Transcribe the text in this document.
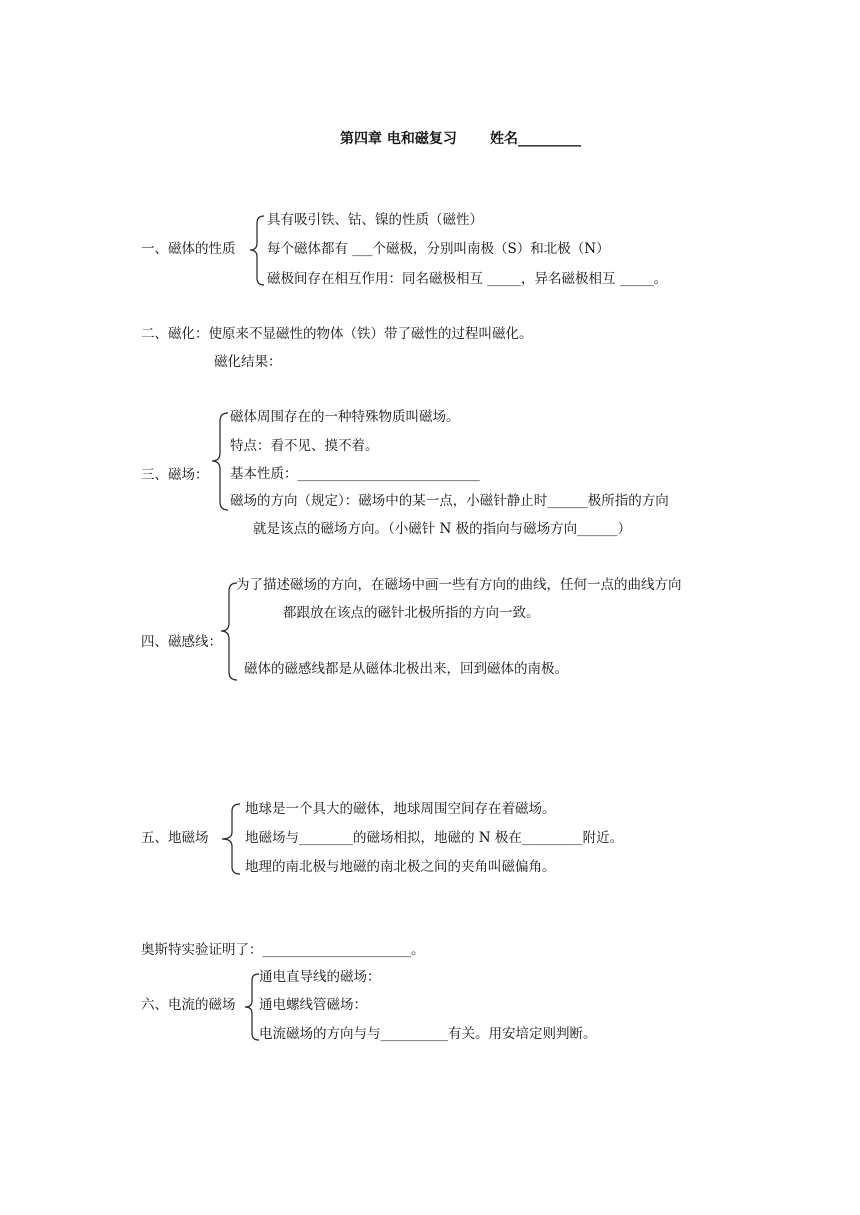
第四章 电和磁复习 姓名_________
一、磁体的性质
具有吸引铁、钴、镍的性质（磁性）
每个磁体都有 ___个磁极，分别叫南极（S）和北极（N）
磁极间存在相互作用：同名磁极相互 _____，异名磁极相互 _____。
二、磁化：使原来不显磁性的物体（铁）带了磁性的过程叫磁化。
磁化结果：
三、磁场：
磁体周围存在的一种特殊物质叫磁场。
特点：看不见、摸不着。
基本性质：___________________________
磁场的方向（规定）：磁场中的某一点，小磁针静止时______极所指的方向
就是该点的磁场方向。（小磁针 N 极的指向与磁场方向______）
四、磁感线：
为了描述磁场的方向，在磁场中画一些有方向的曲线，任何一点的曲线方向
都跟放在该点的磁针北极所指的方向一致。
磁体的磁感线都是从磁体北极出来，回到磁体的南极。
五、地磁场
地球是一个具大的磁体，地球周围空间存在着磁场。
地磁场与________的磁场相拟，地磁的 N 极在_________附近。
地理的南北极与地磁的南北极之间的夹角叫磁偏角。
奥斯特实验证明了：______________________。
六、电流的磁场
通电直导线的磁场：
通电螺线管磁场：
电流磁场的方向与与__________有关。用安培定则判断。
